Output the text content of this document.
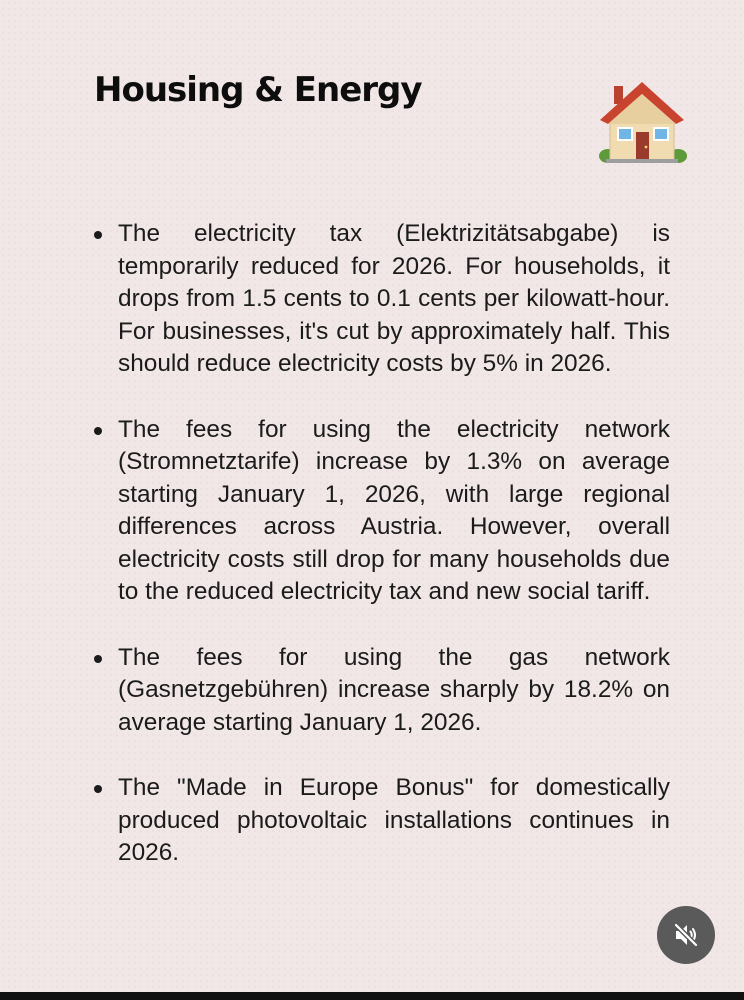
Housing & Energy
The electricity tax (Elektrizitätsabgabe) is temporarily reduced for 2026. For households, it drops from 1.5 cents to 0.1 cents per kilowatt-hour. For businesses, it's cut by approximately half. This should reduce electricity costs by 5% in 2026.
The fees for using the electricity network (Stromnetztarife) increase by 1.3% on average starting January 1, 2026, with large regional differences across Austria. However, overall electricity costs still drop for many households due to the reduced electricity tax and new social tariff.
The fees for using the gas network (Gasnetzgebühren) increase sharply by 18.2% on average starting January 1, 2026.
The "Made in Europe Bonus" for domestically produced photovoltaic installations continues in 2026.
